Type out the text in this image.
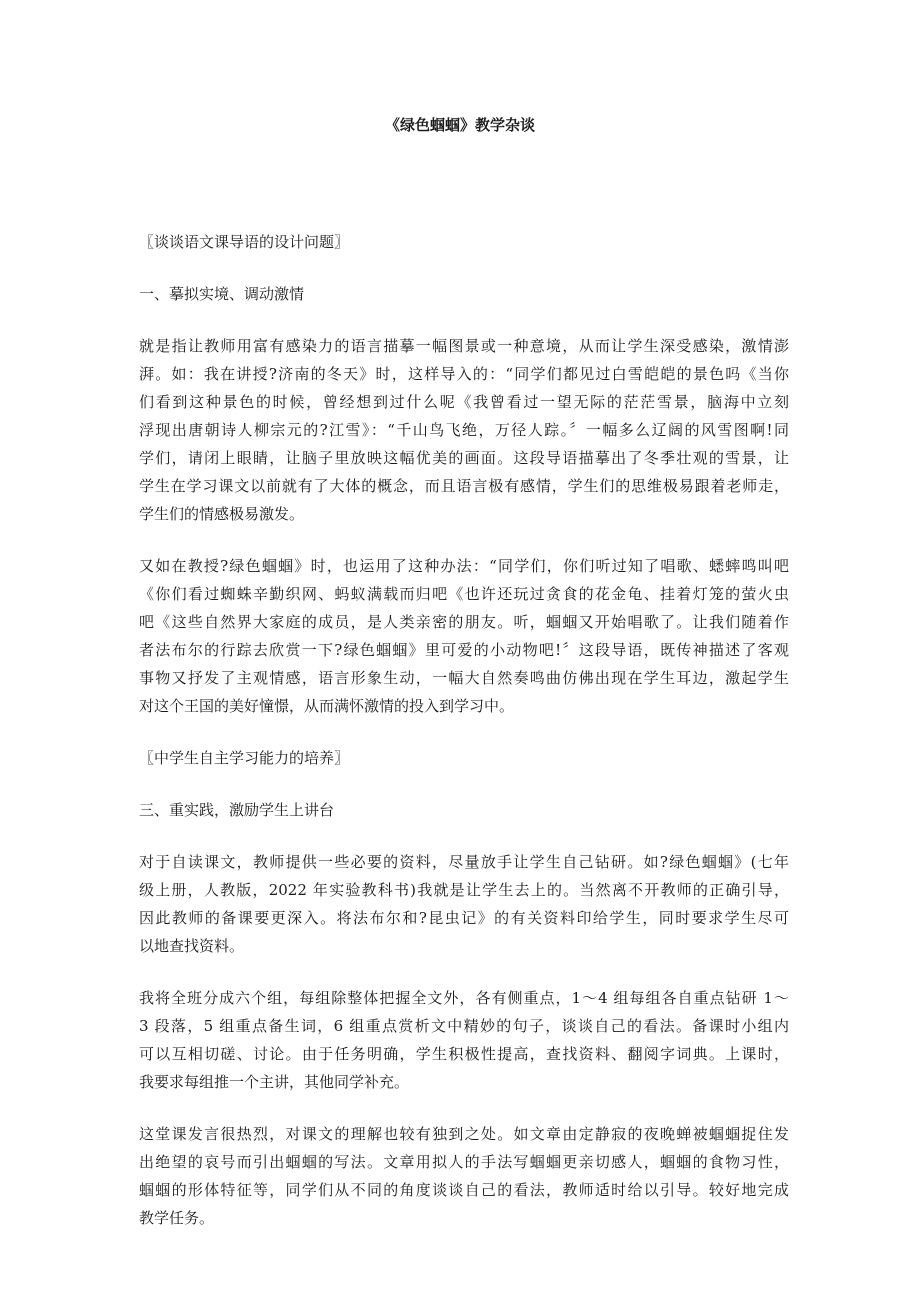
《绿色蝈蝈》教学杂谈

〖谈谈语文课导语的设计问题〗

一、摹拟实境、调动激情

就是指让教师用富有感染力的语言描摹一幅图景或一种意境，从而让学生深受感染，激情澎
湃。如：我在讲授?济南的冬天》时，这样导入的：“同学们都见过白雪皑皑的景色吗《当你
们看到这种景色的时候，曾经想到过什么呢《我曾看过一望无际的茫茫雪景，脑海中立刻
浮现出唐朝诗人柳宗元的?江雪》：“千山鸟飞绝，万径人踪。〞一幅多么辽阔的风雪图啊!同
学们，请闭上眼睛，让脑子里放映这幅优美的画面。这段导语描摹出了冬季壮观的雪景，让
学生在学习课文以前就有了大体的概念，而且语言极有感情，学生们的思维极易跟着老师走，
学生们的情感极易激发。

又如在教授?绿色蝈蝈》时，也运用了这种办法：“同学们，你们听过知了唱歌、蟋蟀鸣叫吧
《你们看过蜘蛛辛勤织网、蚂蚁满载而归吧《也许还玩过贪食的花金龟、挂着灯笼的萤火虫
吧《这些自然界大家庭的成员，是人类亲密的朋友。听，蝈蝈又开始唱歌了。让我们随着作
者法布尔的行踪去欣赏一下?绿色蝈蝈》里可爱的小动物吧!〞这段导语，既传神描述了客观
事物又抒发了主观情感，语言形象生动，一幅大自然奏鸣曲仿佛出现在学生耳边，激起学生
对这个王国的美好憧憬，从而满怀激情的投入到学习中。

〖中学生自主学习能力的培养〗

三、重实践，激励学生上讲台

对于自读课文，教师提供一些必要的资料，尽量放手让学生自己钻研。如?绿色蝈蝈》(七年
级上册，人教版，2022 年实验教科书)我就是让学生去上的。当然离不开教师的正确引导，
因此教师的备课要更深入。将法布尔和?昆虫记》的有关资料印给学生，同时要求学生尽可
以地查找资料。

我将全班分成六个组，每组除整体把握全文外，各有侧重点，1～4 组每组各自重点钻研 1～
3 段落，5 组重点备生词，6 组重点赏析文中精妙的句子，谈谈自己的看法。备课时小组内
可以互相切磋、讨论。由于任务明确，学生积极性提高，查找资料、翻阅字词典。上课时，
我要求每组推一个主讲，其他同学补充。

这堂课发言很热烈，对课文的理解也较有独到之处。如文章由定静寂的夜晚蝉被蝈蝈捉住发
出绝望的哀号而引出蝈蝈的写法。文章用拟人的手法写蝈蝈更亲切感人，蝈蝈的食物习性，
蝈蝈的形体特征等，同学们从不同的角度谈谈自己的看法，教师适时给以引导。较好地完成
教学任务。
